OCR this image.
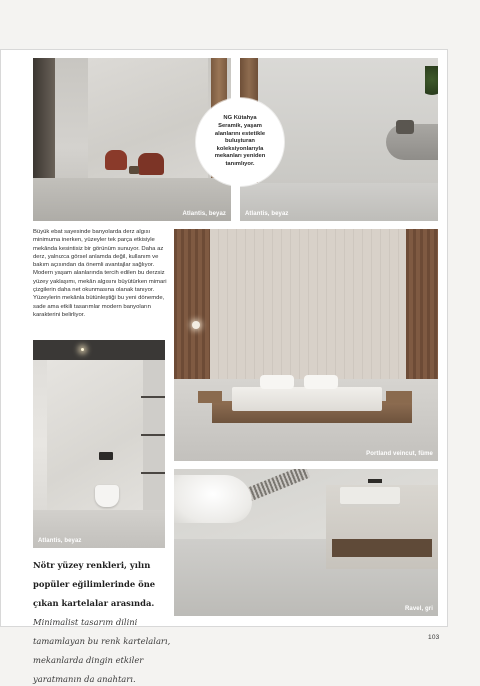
Atlantis, beyaz	Atlantis, beyaz
NG Kütahya
Seramik, yaşam
alanlarını estetikle
buluşturan
koleksiyonlarıyla
mekanları yeniden
tanımlıyor.

Büyük ebat sayesinde banyolarda derz algısı minimuma inerken, yüzeyler tek parça etkisiyle mekânda kesintisiz bir görünüm sunuyor. Daha az derz, yalnızca görsel anlamda değil, kullanım ve bakım açısından da önemli avantajlar sağlıyor. Modern yaşam alanlarında tercih edilen bu derzsiz yüzey yaklaşımı, mekân algısını büyütürken mimari çizgilerin daha net okunmasına olanak tanıyor. Yüzeylerin mekânla bütünleştiği bu yeni dönemde, sade ama etkili tasarımlar modern banyoların karakterini belirliyor.

Atlantis, beyaz
Portland veincut, füme
Ravel, gri
Nötr yüzey renkleri, yılın popüler eğilimlerinde öne çıkan kartelalar arasında. Minimalist tasarım dilini tamamlayan bu renk kartelaları, mekanlarda dingin etkiler yaratmanın da anahtarı.
103
